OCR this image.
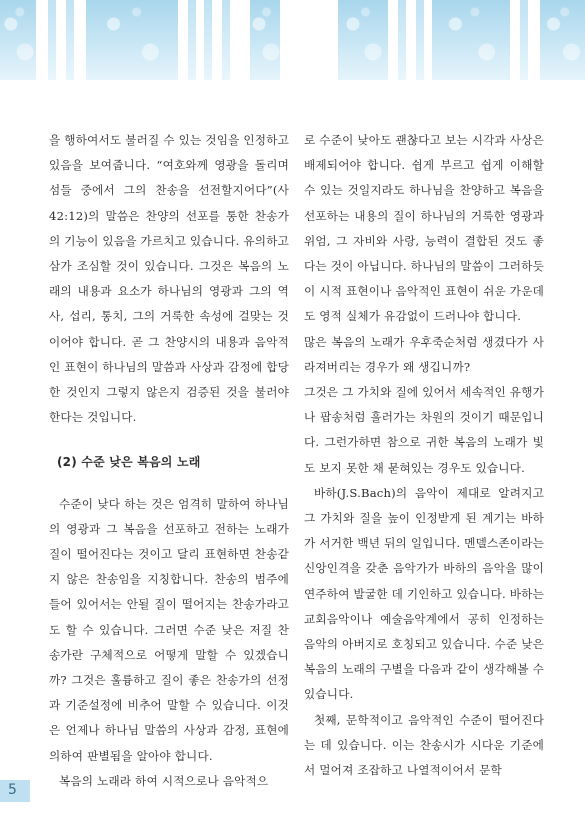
을 행하여서도 불러질 수 있는 것임을 인정하고 있음을 보여줍니다. “여호와께 영광을 돌리며 섬들 중에서 그의 찬송을 선전할지어다”(사42:12)의 말씀은 찬양의 선포를 통한 찬송가의 기능이 있음을 가르치고 있습니다. 유의하고 삼가 조심할 것이 있습니다. 그것은 복음의 노래의 내용과 요소가 하나님의 영광과 그의 역사, 섭리, 통치, 그의 거룩한 속성에 걸맞는 것이어야 합니다. 곧 그 찬양시의 내용과 음악적인 표현이 하나님의 말씀과 사상과 감정에 합당한 것인지 그렇지 않은지 검증된 것을 불러야 한다는 것입니다.

(2) 수준 낮은 복음의 노래

수준이 낮다 하는 것은 엄격히 말하여 하나님의 영광과 그 복음을 선포하고 전하는 노래가 질이 떨어진다는 것이고 달리 표현하면 찬송같지 않은 찬송임을 지칭합니다. 찬송의 범주에 들어 있어서는 안될 질이 떨어지는 찬송가라고도 할 수 있습니다. 그러면 수준 낮은 저질 찬송가란 구체적으로 어떻게 말할 수 있겠습니까? 그것은 훌륭하고 질이 좋은 찬송가의 선정과 기준설정에 비추어 말할 수 있습니다. 이것은 언제나 하나님 말씀의 사상과 감정, 표현에 의하여 판별됨을 알아야 합니다.

복음의 노래라 하여 시적으로나 음악적으

로 수준이 낮아도 괜찮다고 보는 시각과 사상은 배제되어야 합니다. 쉽게 부르고 쉽게 이해할 수 있는 것일지라도 하나님을 찬양하고 복음을 선포하는 내용의 질이 하나님의 거룩한 영광과 위엄, 그 자비와 사랑, 능력이 결합된 것도 좋다는 것이 아닙니다. 하나님의 말씀이 그러하듯이 시적 표현이나 음악적인 표현이 쉬운 가운데도 영적 실체가 유감없이 드러나야 합니다.

많은 복음의 노래가 우후죽순처럼 생겼다가 사라져버리는 경우가 왜 생깁니까?

그것은 그 가치와 질에 있어서 세속적인 유행가나 팝송처럼 흘러가는 차원의 것이기 때문입니다. 그런가하면 참으로 귀한 복음의 노래가 빛도 보지 못한 채 묻혀있는 경우도 있습니다.

바하(J.S.Bach)의 음악이 제대로 알려지고 그 가치와 질을 높이 인정받게 된 계기는 바하가 서거한 백년 뒤의 일입니다. 멘델스존이라는 신앙인격을 갖춘 음악가가 바하의 음악을 많이 연주하여 발굴한 데 기인하고 있습니다. 바하는 교회음악이나 예술음악계에서 공히 인정하는 음악의 아버지로 호칭되고 있습니다. 수준 낮은 복음의 노래의 구별을 다음과 같이 생각해볼 수 있습니다.

첫째, 문학적이고 음악적인 수준이 떨어진다는 데 있습니다. 이는 찬송시가 시다운 기준에서 멀어져 조잡하고 나열적이어서 문학

5
